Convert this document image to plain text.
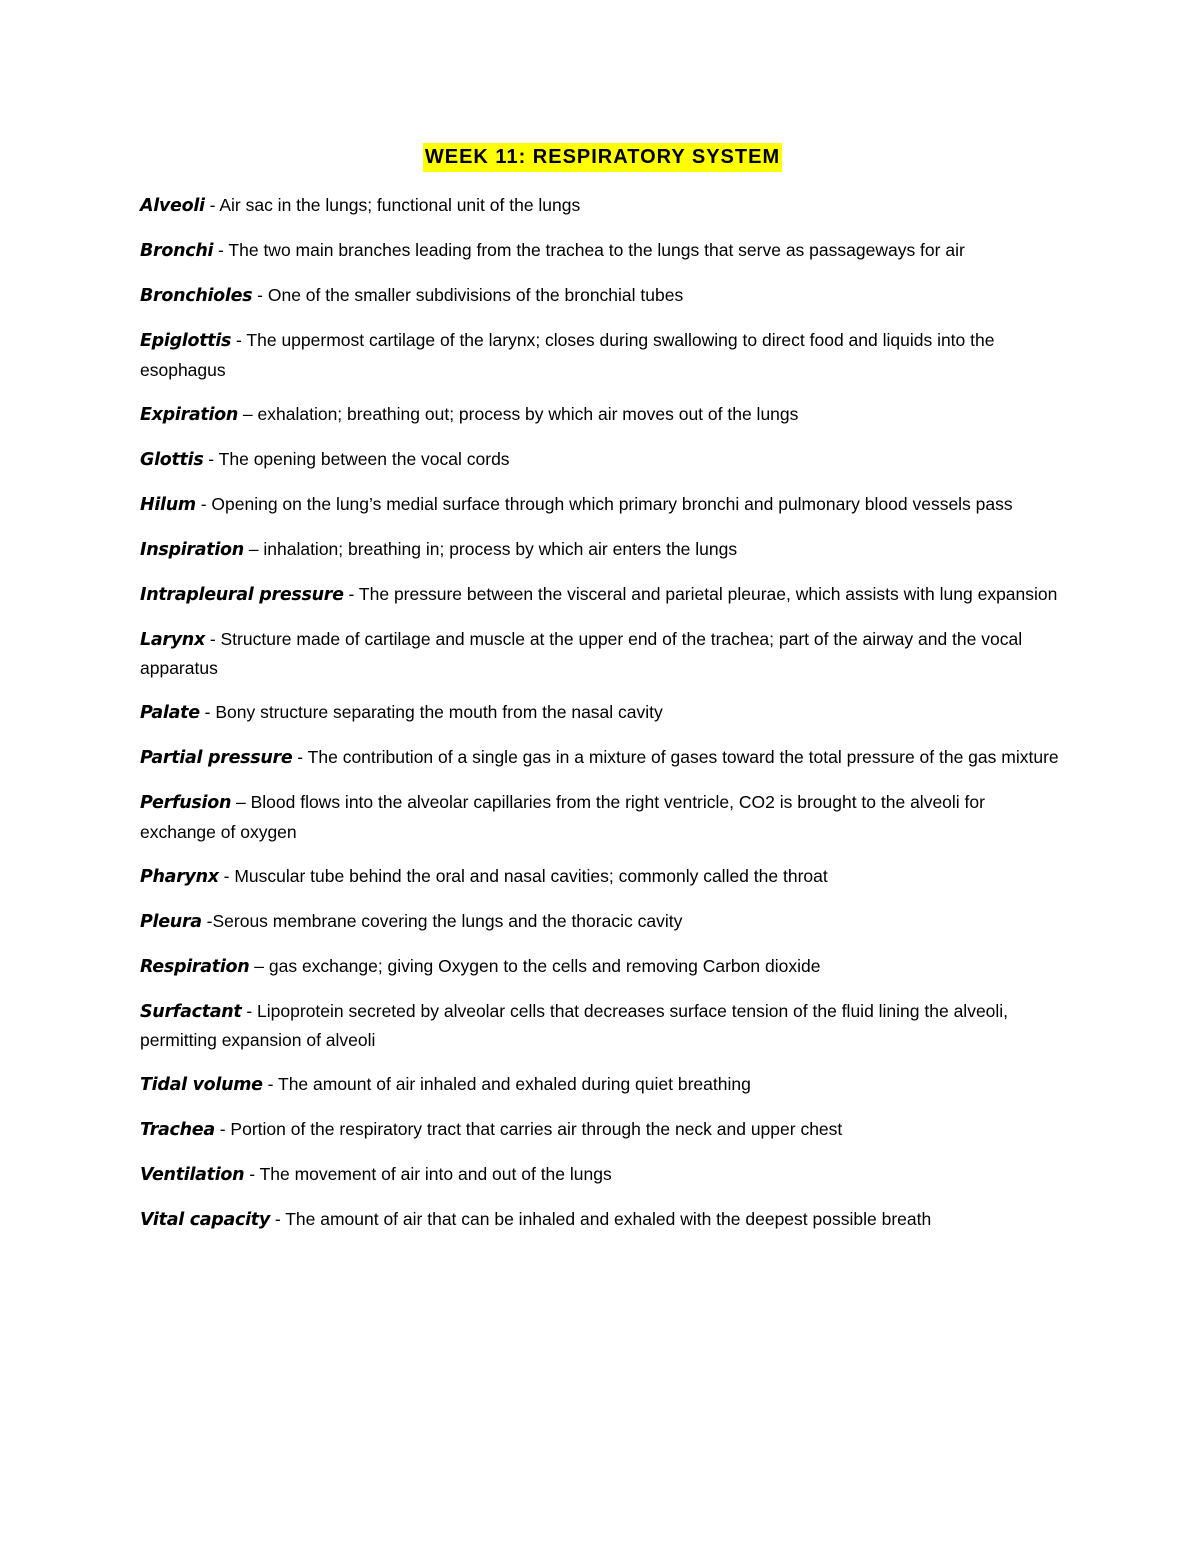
WEEK 11: RESPIRATORY SYSTEM
Alveoli - Air sac in the lungs; functional unit of the lungs
Bronchi - The two main branches leading from the trachea to the lungs that serve as passageways for air
Bronchioles - One of the smaller subdivisions of the bronchial tubes
Epiglottis - The uppermost cartilage of the larynx; closes during swallowing to direct food and liquids into the esophagus
Expiration – exhalation; breathing out; process by which air moves out of the lungs
Glottis - The opening between the vocal cords
Hilum - Opening on the lung’s medial surface through which primary bronchi and pulmonary blood vessels pass
Inspiration – inhalation; breathing in; process by which air enters the lungs
Intrapleural pressure - The pressure between the visceral and parietal pleurae, which assists with lung expansion
Larynx - Structure made of cartilage and muscle at the upper end of the trachea; part of the airway and the vocal apparatus
Palate - Bony structure separating the mouth from the nasal cavity
Partial pressure - The contribution of a single gas in a mixture of gases toward the total pressure of the gas mixture
Perfusion – Blood flows into the alveolar capillaries from the right ventricle, CO2 is brought to the alveoli for exchange of oxygen
Pharynx - Muscular tube behind the oral and nasal cavities; commonly called the throat
Pleura -Serous membrane covering the lungs and the thoracic cavity
Respiration – gas exchange; giving Oxygen to the cells and removing Carbon dioxide
Surfactant - Lipoprotein secreted by alveolar cells that decreases surface tension of the fluid lining the alveoli, permitting expansion of alveoli
Tidal volume - The amount of air inhaled and exhaled during quiet breathing
Trachea - Portion of the respiratory tract that carries air through the neck and upper chest
Ventilation - The movement of air into and out of the lungs
Vital capacity - The amount of air that can be inhaled and exhaled with the deepest possible breath
